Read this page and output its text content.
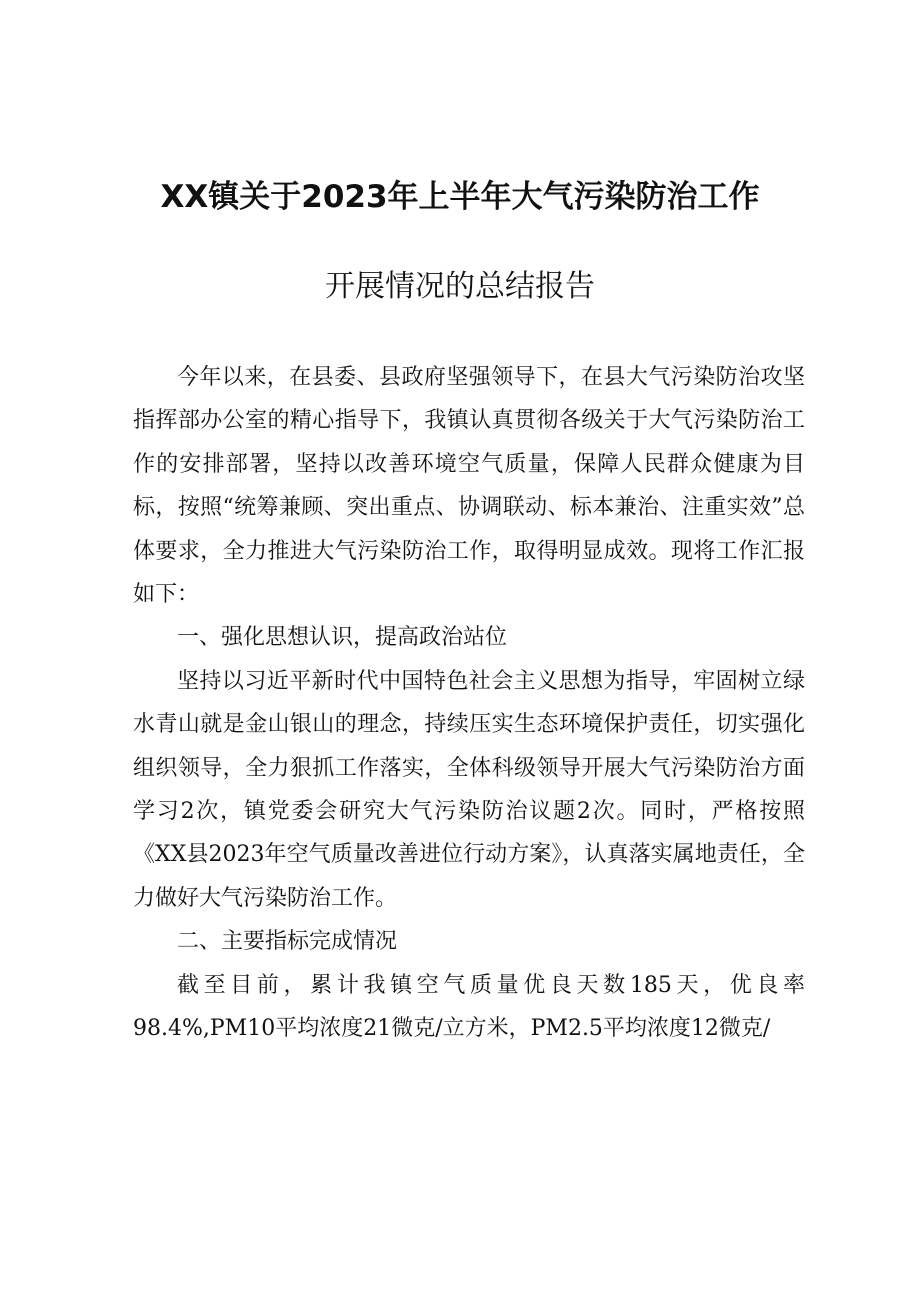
XX镇关于2023年上半年大气污染防治工作
开展情况的总结报告

今年以来，在县委、县政府坚强领导下，在县大气污染防治攻坚指挥部办公室的精心指导下，我镇认真贯彻各级关于大气污染防治工作的安排部署，坚持以改善环境空气质量，保障人民群众健康为目标，按照“统筹兼顾、突出重点、协调联动、标本兼治、注重实效”总体要求，全力推进大气污染防治工作，取得明显成效。现将工作汇报如下：

一、强化思想认识，提高政治站位

坚持以习近平新时代中国特色社会主义思想为指导，牢固树立绿水青山就是金山银山的理念，持续压实生态环境保护责任，切实强化组织领导，全力狠抓工作落实，全体科级领导开展大气污染防治方面学习2次，镇党委会研究大气污染防治议题2次。同时，严格按照《XX县2023年空气质量改善进位行动方案》，认真落实属地责任，全力做好大气污染防治工作。

二、主要指标完成情况

截至目前，累计我镇空气质量优良天数185天，优良率98.4%,PM10平均浓度21微克/立方米，PM2.5平均浓度12微克/
